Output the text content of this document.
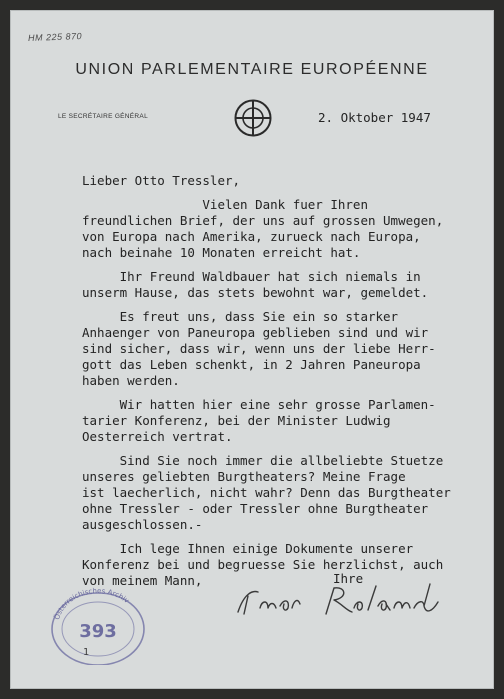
HM 225 870
UNION PARLEMENTAIRE EUROPÉENNE
LE SECRÉTAIRE GÉNÉRAL	2. Oktober 1947
Lieber Otto Tressler,
Vielen Dank fuer Ihren
freundlichen Brief, der uns auf grossen Umwegen,
von Europa nach Amerika, zurueck nach Europa,
nach beinahe 10 Monaten erreicht hat.
Ihr Freund Waldbauer hat sich niemals in
unserm Hause, das stets bewohnt war, gemeldet.
Es freut uns, dass Sie ein so starker
Anhaenger von Paneuropa geblieben sind und wir
sind sicher, dass wir, wenn uns der liebe Herr-
gott das Leben schenkt, in 2 Jahren Paneuropa
haben werden.
Wir hatten hier eine sehr grosse Parlamen-
tarier Konferenz, bei der Minister Ludwig
Oesterreich vertrat.
Sind Sie noch immer die allbeliebte Stuetze
unseres geliebten Burgtheaters? Meine Frage
ist laecherlich, nicht wahr? Denn das Burgtheater
ohne Tressler - oder Tressler ohne Burgtheater
ausgeschlossen.-
Ich lege Ihnen einige Dokumente unserer
Konferenz bei und begruesse Sie herzlichst, auch
von meinem Mann,	Ihre
Österreichisches Archiv
393
1
